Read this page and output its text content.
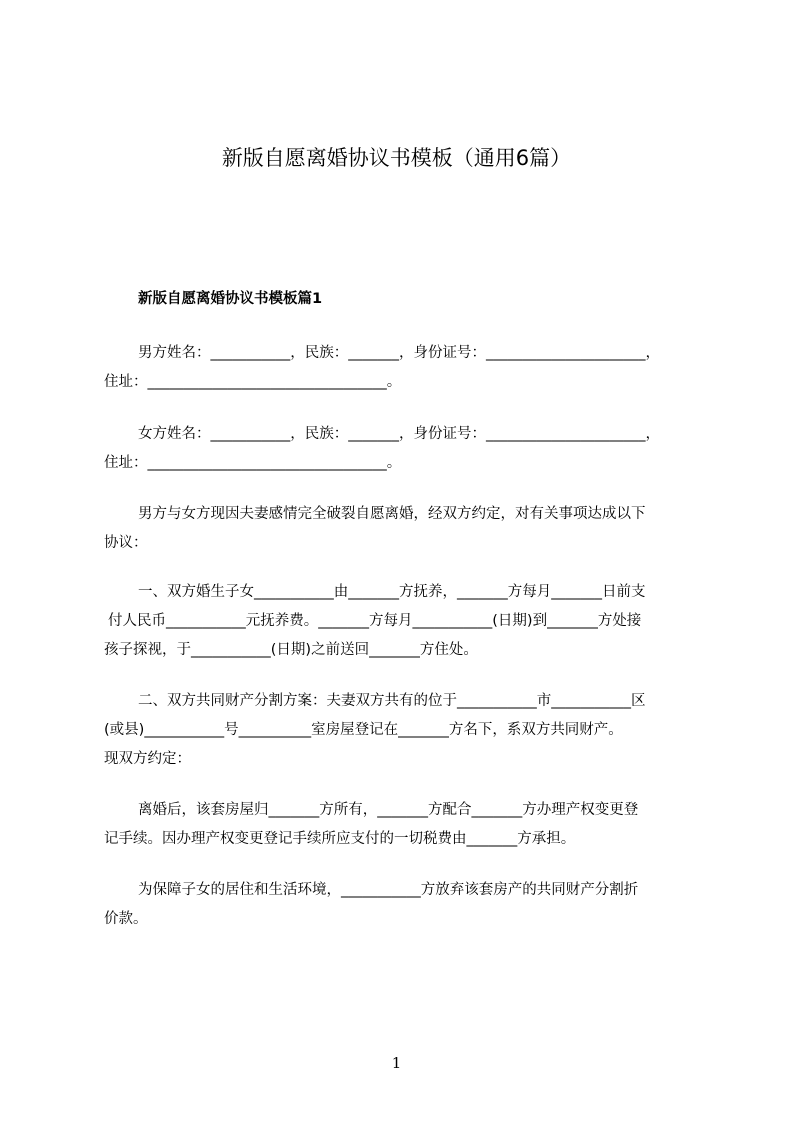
新版自愿离婚协议书模板（通用6篇）
新版自愿离婚协议书模板篇1
男方姓名：___________，民族：_______，身份证号：______________________，
住址：_________________________________。
女方姓名：___________，民族：_______，身份证号：______________________，
住址：_________________________________。
男方与女方现因夫妻感情完全破裂自愿离婚，经双方约定，对有关事项达成以下
协议：
一、双方婚生子女___________由_______方抚养，_______方每月_______日前支
付人民币___________元抚养费。_______方每月___________(日期)到_______方处接
孩子探视，于___________(日期)之前送回_______方住处。
二、双方共同财产分割方案：夫妻双方共有的位于___________市___________区
(或县)___________号__________室房屋登记在_______方名下，系双方共同财产。
现双方约定：
离婚后，该套房屋归_______方所有，_______方配合_______方办理产权变更登
记手续。因办理产权变更登记手续所应支付的一切税费由_______方承担。
为保障子女的居住和生活环境，___________方放弃该套房产的共同财产分割折
价款。
1
